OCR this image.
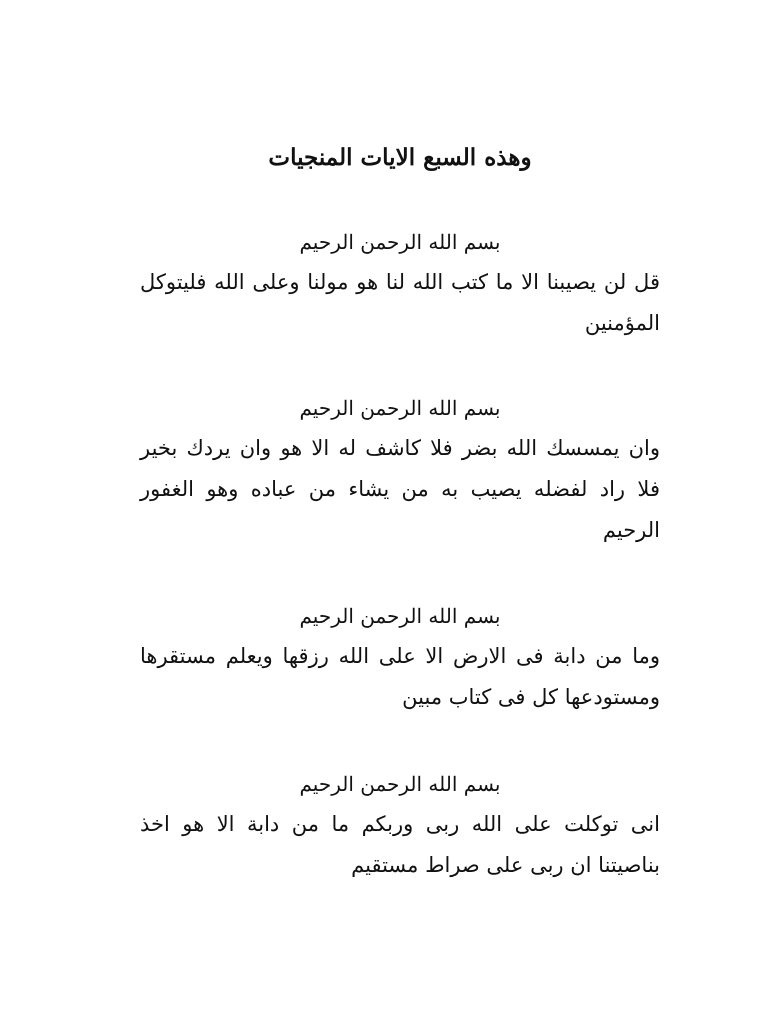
وهذه السبع الايات المنجيات

بسم الله الرحمن الرحيم

قل لن يصيبنا الا ما كتب الله لنا هو مولنا وعلى الله فليتوكل المؤمنين

بسم الله الرحمن الرحيم

وان يمسسك الله بضر فلا كاشف له الا هو وان يردك بخير فلا راد لفضله يصيب به من يشاء من عباده وهو الغفور الرحيم

بسم الله الرحمن الرحيم

وما من دابة فى الارض الا على الله رزقها ويعلم مستقرها ومستودعها كل فى كتاب مبين

بسم الله الرحمن الرحيم

انى توكلت على الله ربى وربكم ما من دابة الا هو اخذ بناصيتنا ان ربى على صراط مستقيم
